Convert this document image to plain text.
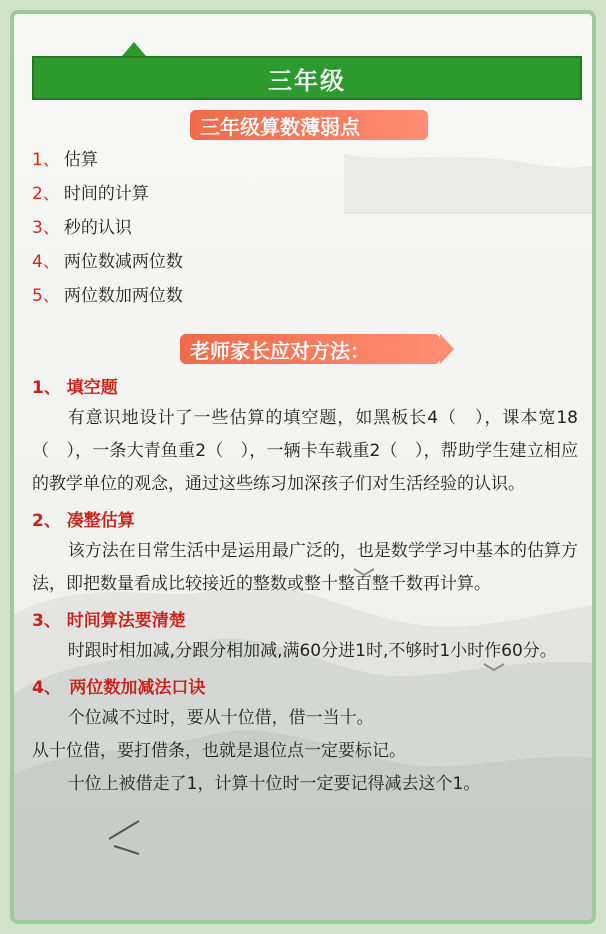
三年级
三年级算数薄弱点
1、 估算
2、 时间的计算
3、 秒的认识
4、 两位数减两位数
5、 两位数加两位数
老师家长应对方法：
1、 填空题
有意识地设计了一些估算的填空题，如黑板长4（　），课本宽18（　），一条大青鱼重2（　），一辆卡车载重2（　），帮助学生建立相应的教学单位的观念，通过这些练习加深孩子们对生活经验的认识。
2、 凑整估算
该方法在日常生活中是运用最广泛的，也是数学学习中基本的估算方法，即把数量看成比较接近的整数或整十整百整千数再计算。
3、 时间算法要清楚
时跟时相加减,分跟分相加减,满60分进1时,不够时1小时作60分。
4、　两位数加减法口诀
个位减不过时，要从十位借，借一当十。
从十位借，要打借条，也就是退位点一定要标记。
十位上被借走了1，计算十位时一定要记得减去这个1。
